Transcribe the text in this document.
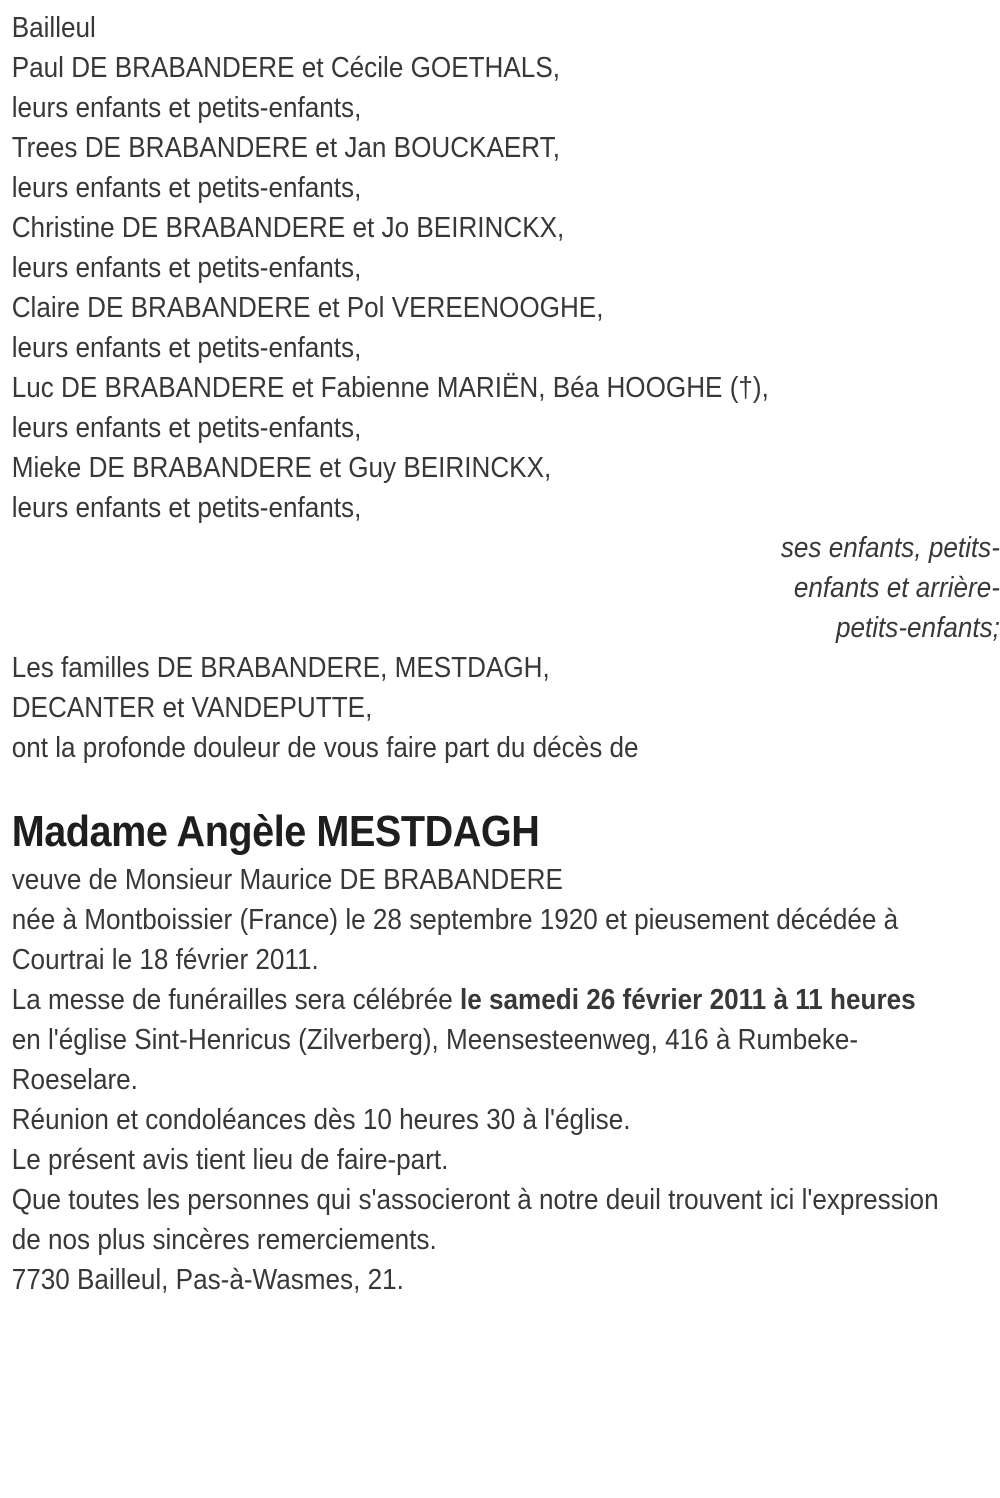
Bailleul

Paul DE BRABANDERE et Cécile GOETHALS,
leurs enfants et petits-enfants,
Trees DE BRABANDERE et Jan BOUCKAERT,
leurs enfants et petits-enfants,
Christine DE BRABANDERE et Jo BEIRINCKX,
leurs enfants et petits-enfants,
Claire DE BRABANDERE et Pol VEREENOOGHE,
leurs enfants et petits-enfants,
Luc DE BRABANDERE et Fabienne MARIËN, Béa HOOGHE (†),
leurs enfants et petits-enfants,
Mieke DE BRABANDERE et Guy BEIRINCKX,
leurs enfants et petits-enfants,
ses enfants, petits-
enfants et arrière-
petits-enfants;
Les familles DE BRABANDERE, MESTDAGH,
DECANTER et VANDEPUTTE,

ont la profonde douleur de vous faire part du décès de

Madame Angèle MESTDAGH

veuve de Monsieur Maurice DE BRABANDERE

née à Montboissier (France) le 28 septembre 1920 et pieusement décédée à Courtrai le 18 février 2011.

La messe de funérailles sera célébrée le samedi 26 février 2011 à 11 heures en l'église Sint-Henricus (Zilverberg), Meensesteenweg, 416 à Rumbeke-Roeselare.

Réunion et condoléances dès 10 heures 30 à l'église.

Le présent avis tient lieu de faire-part.

Que toutes les personnes qui s'associeront à notre deuil trouvent ici l'expression de nos plus sincères remerciements.

7730 Bailleul, Pas-à-Wasmes, 21.
